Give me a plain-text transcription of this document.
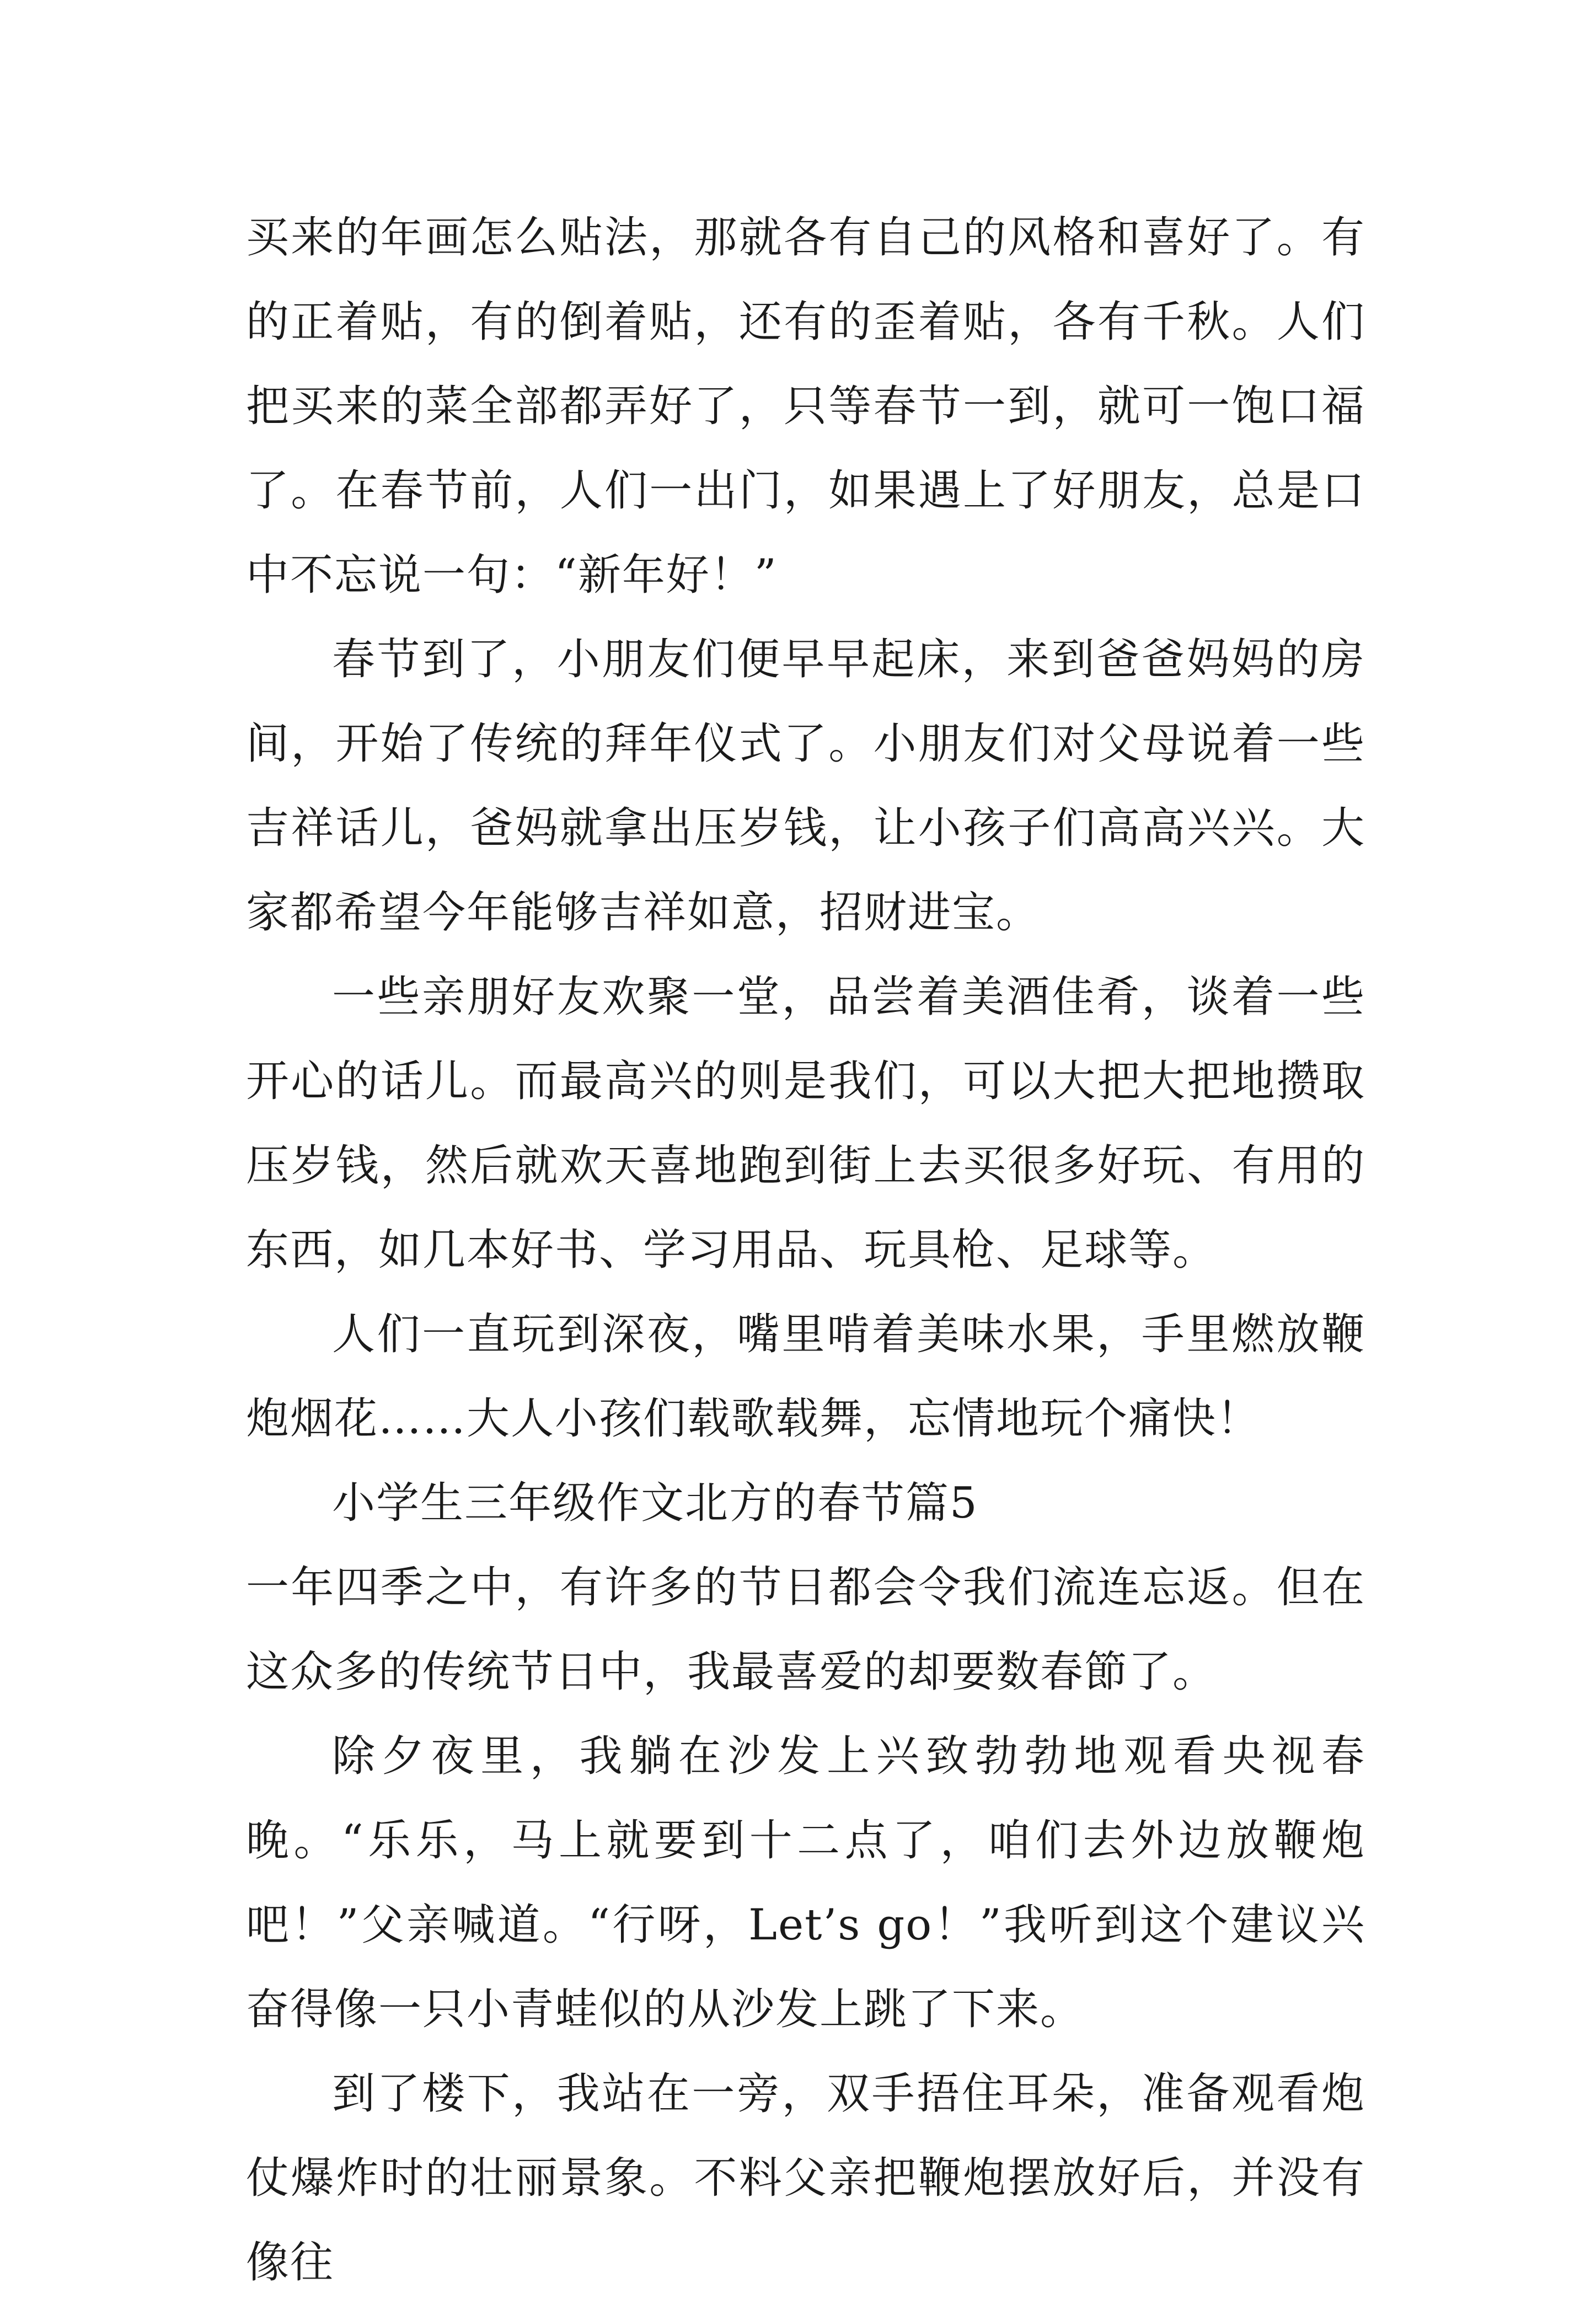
买来的年画怎么贴法，那就各有自己的风格和喜好了。有的正着贴，有的倒着贴，还有的歪着贴，各有千秋。人们把买来的菜全部都弄好了，只等春节一到，就可一饱口福了。在春节前，人们一出门，如果遇上了好朋友，总是口中不忘说一句：“新年好！”

春节到了，小朋友们便早早起床，来到爸爸妈妈的房间，开始了传统的拜年仪式了。小朋友们对父母说着一些吉祥话儿，爸妈就拿出压岁钱，让小孩子们高高兴兴。大家都希望今年能够吉祥如意，招财进宝。

一些亲朋好友欢聚一堂，品尝着美酒佳肴，谈着一些开心的话儿。而最高兴的则是我们，可以大把大把地攒取压岁钱，然后就欢天喜地跑到街上去买很多好玩、有用的东西，如几本好书、学习用品、玩具枪、足球等。

人们一直玩到深夜，嘴里啃着美味水果，手里燃放鞭炮烟花……大人小孩们载歌载舞，忘情地玩个痛快！

小学生三年级作文北方的春节篇5

一年四季之中，有许多的节日都会令我们流连忘返。但在这众多的传统节日中，我最喜爱的却要数春節了。

除夕夜里，我躺在沙发上兴致勃勃地观看央视春晚。“乐乐，马上就要到十二点了，咱们去外边放鞭炮吧！”父亲喊道。“行呀，Let’s go！”我听到这个建议兴奋得像一只小青蛙似的从沙发上跳了下来。

到了楼下，我站在一旁，双手捂住耳朵，准备观看炮仗爆炸时的壮丽景象。不料父亲把鞭炮摆放好后，并没有像往
